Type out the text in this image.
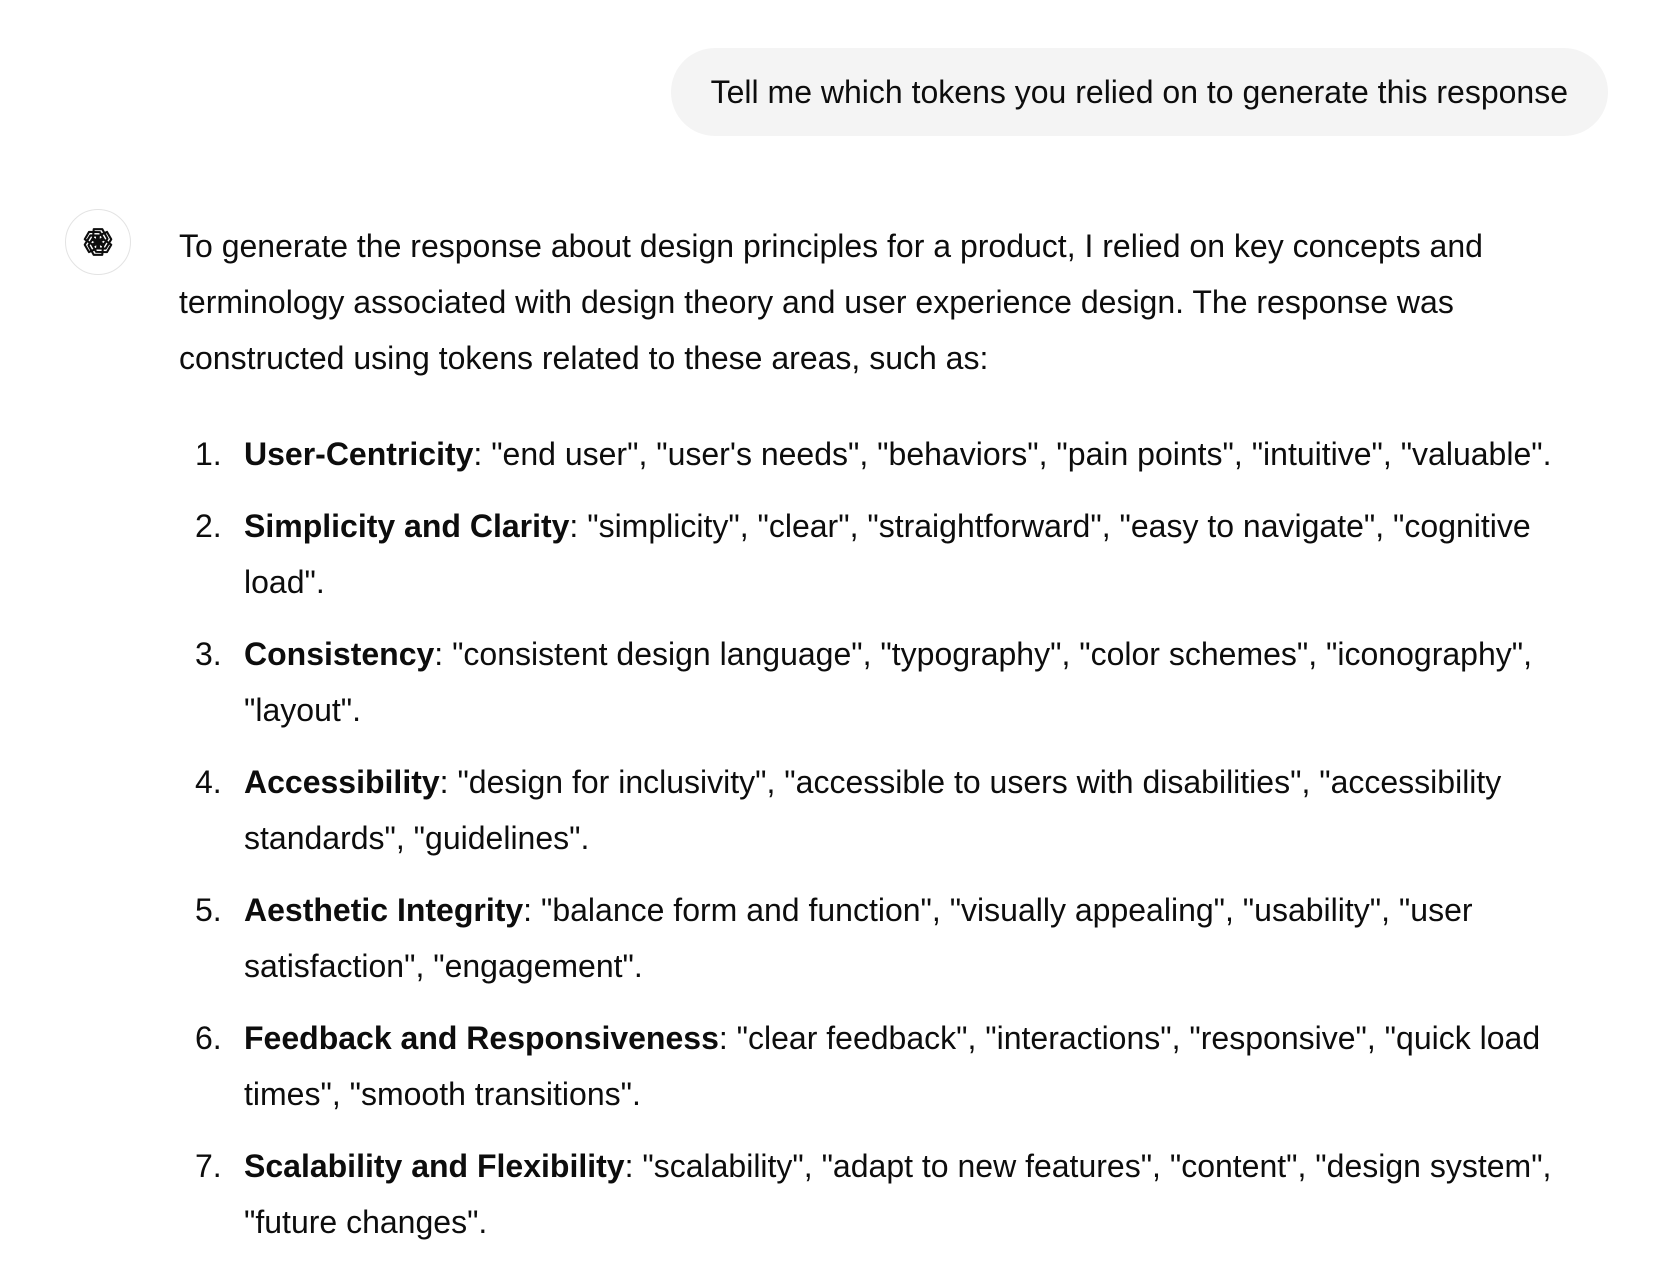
Tell me which tokens you relied on to generate this response

To generate the response about design principles for a product, I relied on key concepts and terminology associated with design theory and user experience design. The response was constructed using tokens related to these areas, such as:

1. User-Centricity: "end user", "user's needs", "behaviors", "pain points", "intuitive", "valuable".
2. Simplicity and Clarity: "simplicity", "clear", "straightforward", "easy to navigate", "cognitive load".
3. Consistency: "consistent design language", "typography", "color schemes", "iconography", "layout".
4. Accessibility: "design for inclusivity", "accessible to users with disabilities", "accessibility standards", "guidelines".
5. Aesthetic Integrity: "balance form and function", "visually appealing", "usability", "user satisfaction", "engagement".
6. Feedback and Responsiveness: "clear feedback", "interactions", "responsive", "quick load times", "smooth transitions".
7. Scalability and Flexibility: "scalability", "adapt to new features", "content", "design system", "future changes".
